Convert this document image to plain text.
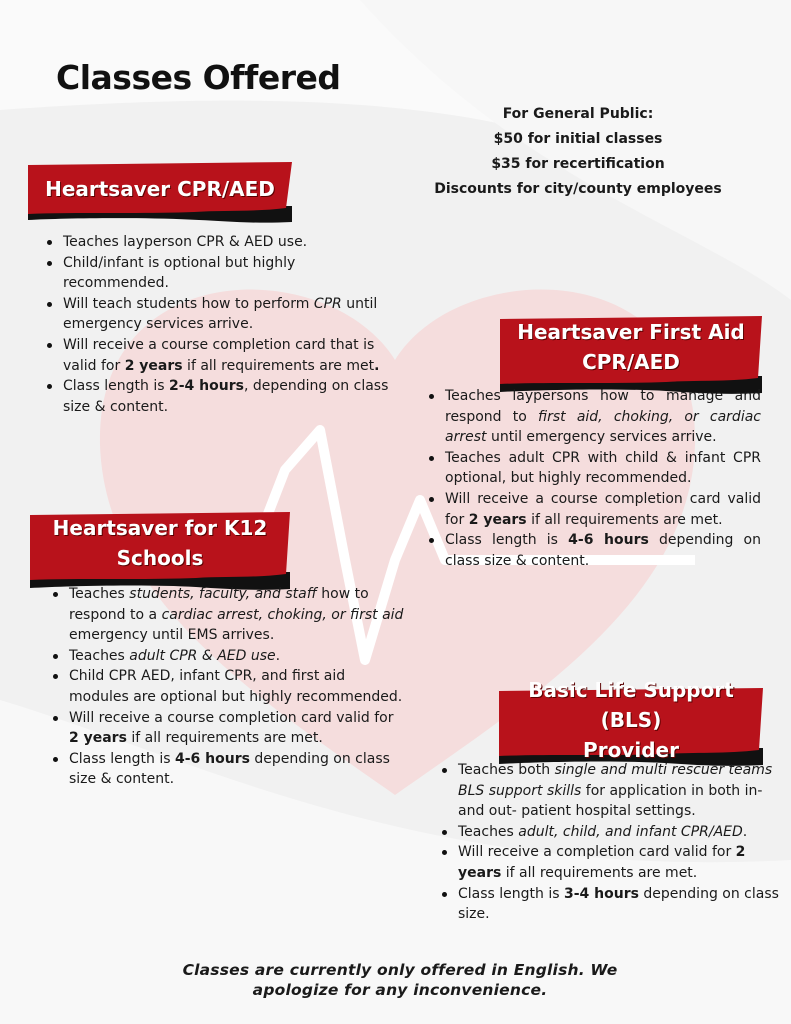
Classes Offered
For General Public:
$50 for initial classes
$35 for recertification
Discounts for city/county employees
Heartsaver CPR/AED
Teaches layperson CPR & AED use.
Child/infant is optional but highly recommended.
Will teach students how to perform CPR until emergency services arrive.
Will receive a course completion card that is valid for 2 years if all requirements are met.
Class length is 2-4 hours, depending on class size & content.
Heartsaver First Aid
CPR/AED
Teaches laypersons how to manage and respond to first aid, choking, or cardiac arrest until emergency services arrive.
Teaches adult CPR with child & infant CPR optional, but highly recommended.
Will receive a course completion card valid for 2 years if all requirements are met.
Class length is 4-6 hours depending on class size & content.
Heartsaver for K12
Schools
Teaches students, faculty, and staff how to respond to a cardiac arrest, choking, or first aid emergency until EMS arrives.
Teaches adult CPR & AED use.
Child CPR AED, infant CPR, and first aid modules are optional but highly recommended.
Will receive a course completion card valid for 2 years if all requirements are met.
Class length is 4-6 hours depending on class size & content.
Basic Life Support (BLS)
Provider
Teaches both single and multi rescuer teams BLS support skills for application in both in- and out- patient hospital settings.
Teaches adult, child, and infant CPR/AED.
Will receive a completion card valid for 2 years if all requirements are met.
Class length is 3-4 hours depending on class size.
Classes are currently only offered in English. We
apologize for any inconvenience.
